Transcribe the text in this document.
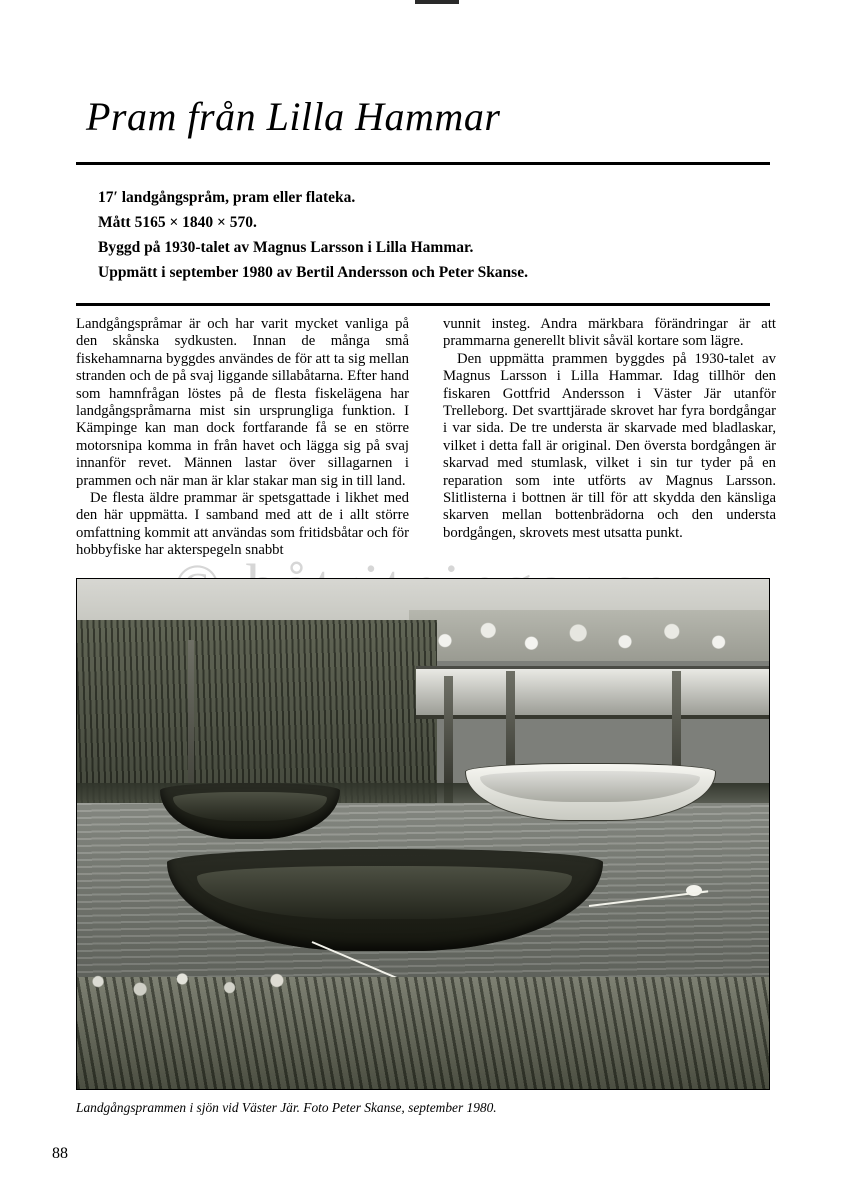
Pram från Lilla Hammar
17′ landgångspråm, pram eller flateka.
Mått 5165 × 1840 × 570.
Byggd på 1930-talet av Magnus Larsson i Lilla Hammar.
Uppmätt i september 1980 av Bertil Andersson och Peter Skanse.

Landgångspråmar är och har varit mycket vanliga på den skånska sydkusten. Innan de många små fiskehamnarna byggdes användes de för att ta sig mellan stranden och de på svaj liggande sillabåtarna. Efter hand som hamnfrågan löstes på de flesta fiskelägena har landgångspråmarna mist sin ursprungliga funktion. I Kämpinge kan man dock fortfarande få se en större motorsnipa komma in från havet och lägga sig på svaj innanför revet. Männen lastar över sillagarnen i prammen och när man är klar stakar man sig in till land.

De flesta äldre prammar är spetsgattade i likhet med den här uppmätta. I samband med att de i allt större omfattning kommit att användas som fritidsbåtar och för hobbyfiske har akterspegeln snabbt

vunnit insteg. Andra märkbara förändringar är att prammarna generellt blivit såväl kortare som lägre.

Den uppmätta prammen byggdes på 1930-talet av Magnus Larsson i Lilla Hammar. Idag tillhör den fiskaren Gottfrid Andersson i Väster Jär utanför Trelleborg. Det svarttjärade skrovet har fyra bordgångar i var sida. De tre understa är skarvade med bladlaskar, vilket i detta fall är original. Den översta bordgången är skarvad med stumlask, vilket i sin tur tyder på en reparation som inte utförts av Magnus Larsson. Slitlisterna i bottnen är till för att skydda den känsliga skarven mellan bottenbrädorna och den understa bordgången, skrovets mest utsatta punkt.

Landgångsprammen i sjön vid Väster Jär. Foto Peter Skanse, september 1980.
88
